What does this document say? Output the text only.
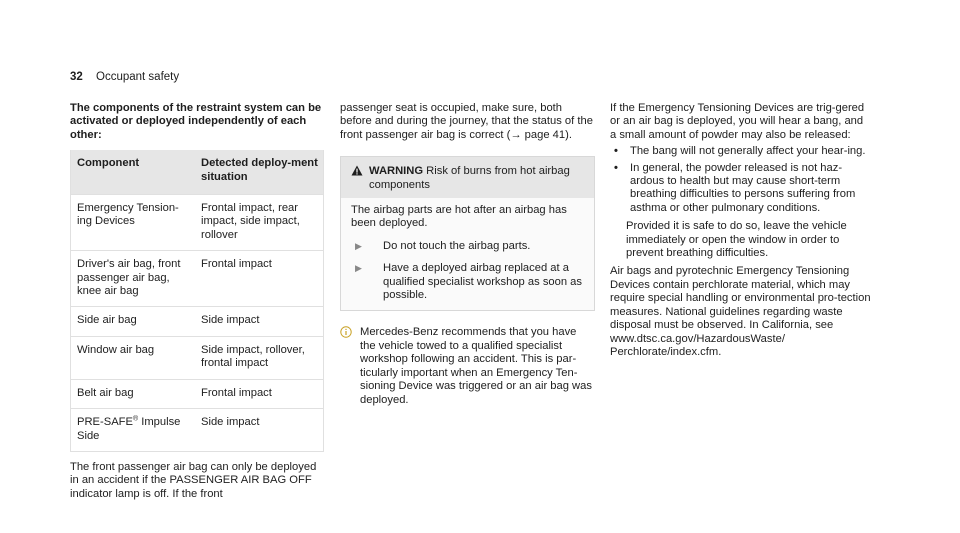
32 Occupant safety

The components of the restraint system can be activated or deployed independently of each other:

Component	Detected deploy-ment situation
Emergency Tension-ing Devices	Frontal impact, rear impact, side impact, rollover
Driver's air bag, front passenger air bag, knee air bag	Frontal impact
Side air bag	Side impact
Window air bag	Side impact, rollover, frontal impact
Belt air bag	Frontal impact
PRE-SAFE® Impulse Side	Side impact

The front passenger air bag can only be deployed in an accident if the PASSENGER AIR BAG OFF indicator lamp is off. If the front

passenger seat is occupied, make sure, both before and during the journey, that the status of the front passenger air bag is correct (→ page 41).

WARNING Risk of burns from hot airbag components

The airbag parts are hot after an airbag has been deployed.

▶	Do not touch the airbag parts.
▶	Have a deployed airbag replaced at a qualified specialist workshop as soon as possible.
Mercedes-Benz recommends that you have the vehicle towed to a qualified specialist workshop following an accident. This is par-ticularly important when an Emergency Ten-sioning Device was triggered or an air bag was deployed.

If the Emergency Tensioning Devices are trig-gered or an air bag is deployed, you will hear a bang, and a small amount of powder may also be released:

•	The bang will not generally affect your hear-ing.
•	In general, the powder released is not haz-ardous to health but may cause short-term breathing difficulties to persons suffering from asthma or other pulmonary conditions.

Provided it is safe to do so, leave the vehicle immediately or open the window in order to prevent breathing difficulties.

Air bags and pyrotechnic Emergency Tensioning Devices contain perchlorate material, which may require special handling or environmental pro-tection measures. National guidelines regarding waste disposal must be observed. In California, see www.dtsc.ca.gov/HazardousWaste/ Perchlorate/index.cfm.
